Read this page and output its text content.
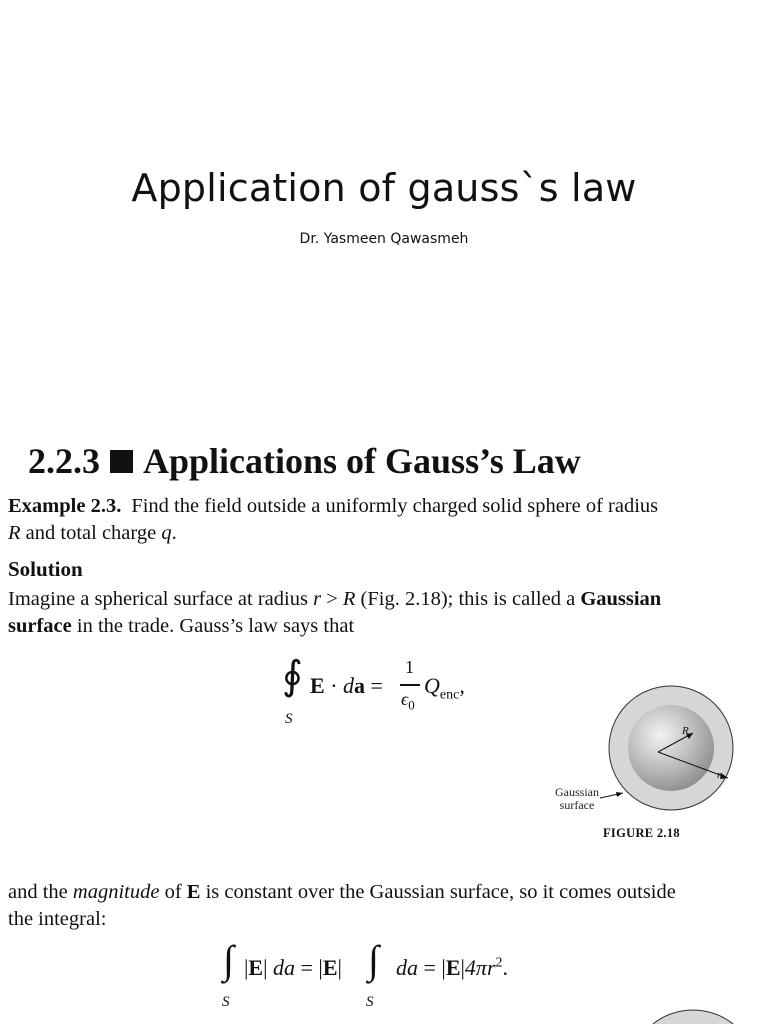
Application of gauss`s law
Dr. Yasmeen Qawasmeh
2.2.3 Applications of Gauss’s Law
Example 2.3. Find the field outside a uniformly charged solid sphere of radius
R and total charge q.
Solution
Imagine a spherical surface at radius r > R (Fig. 2.18); this is called a Gaussian
surface in the trade. Gauss’s law says that
∮
S
E · da =
1
$\epsilon_0$
$Q_{enc}$,
R
r
Gaussian
surface
FIGURE 2.18
and the magnitude of E is constant over the Gaussian surface, so it comes outside
the integral:
∫
S
|E| da = |E| ∫
S
da = $|E|4\pi r^2$.
